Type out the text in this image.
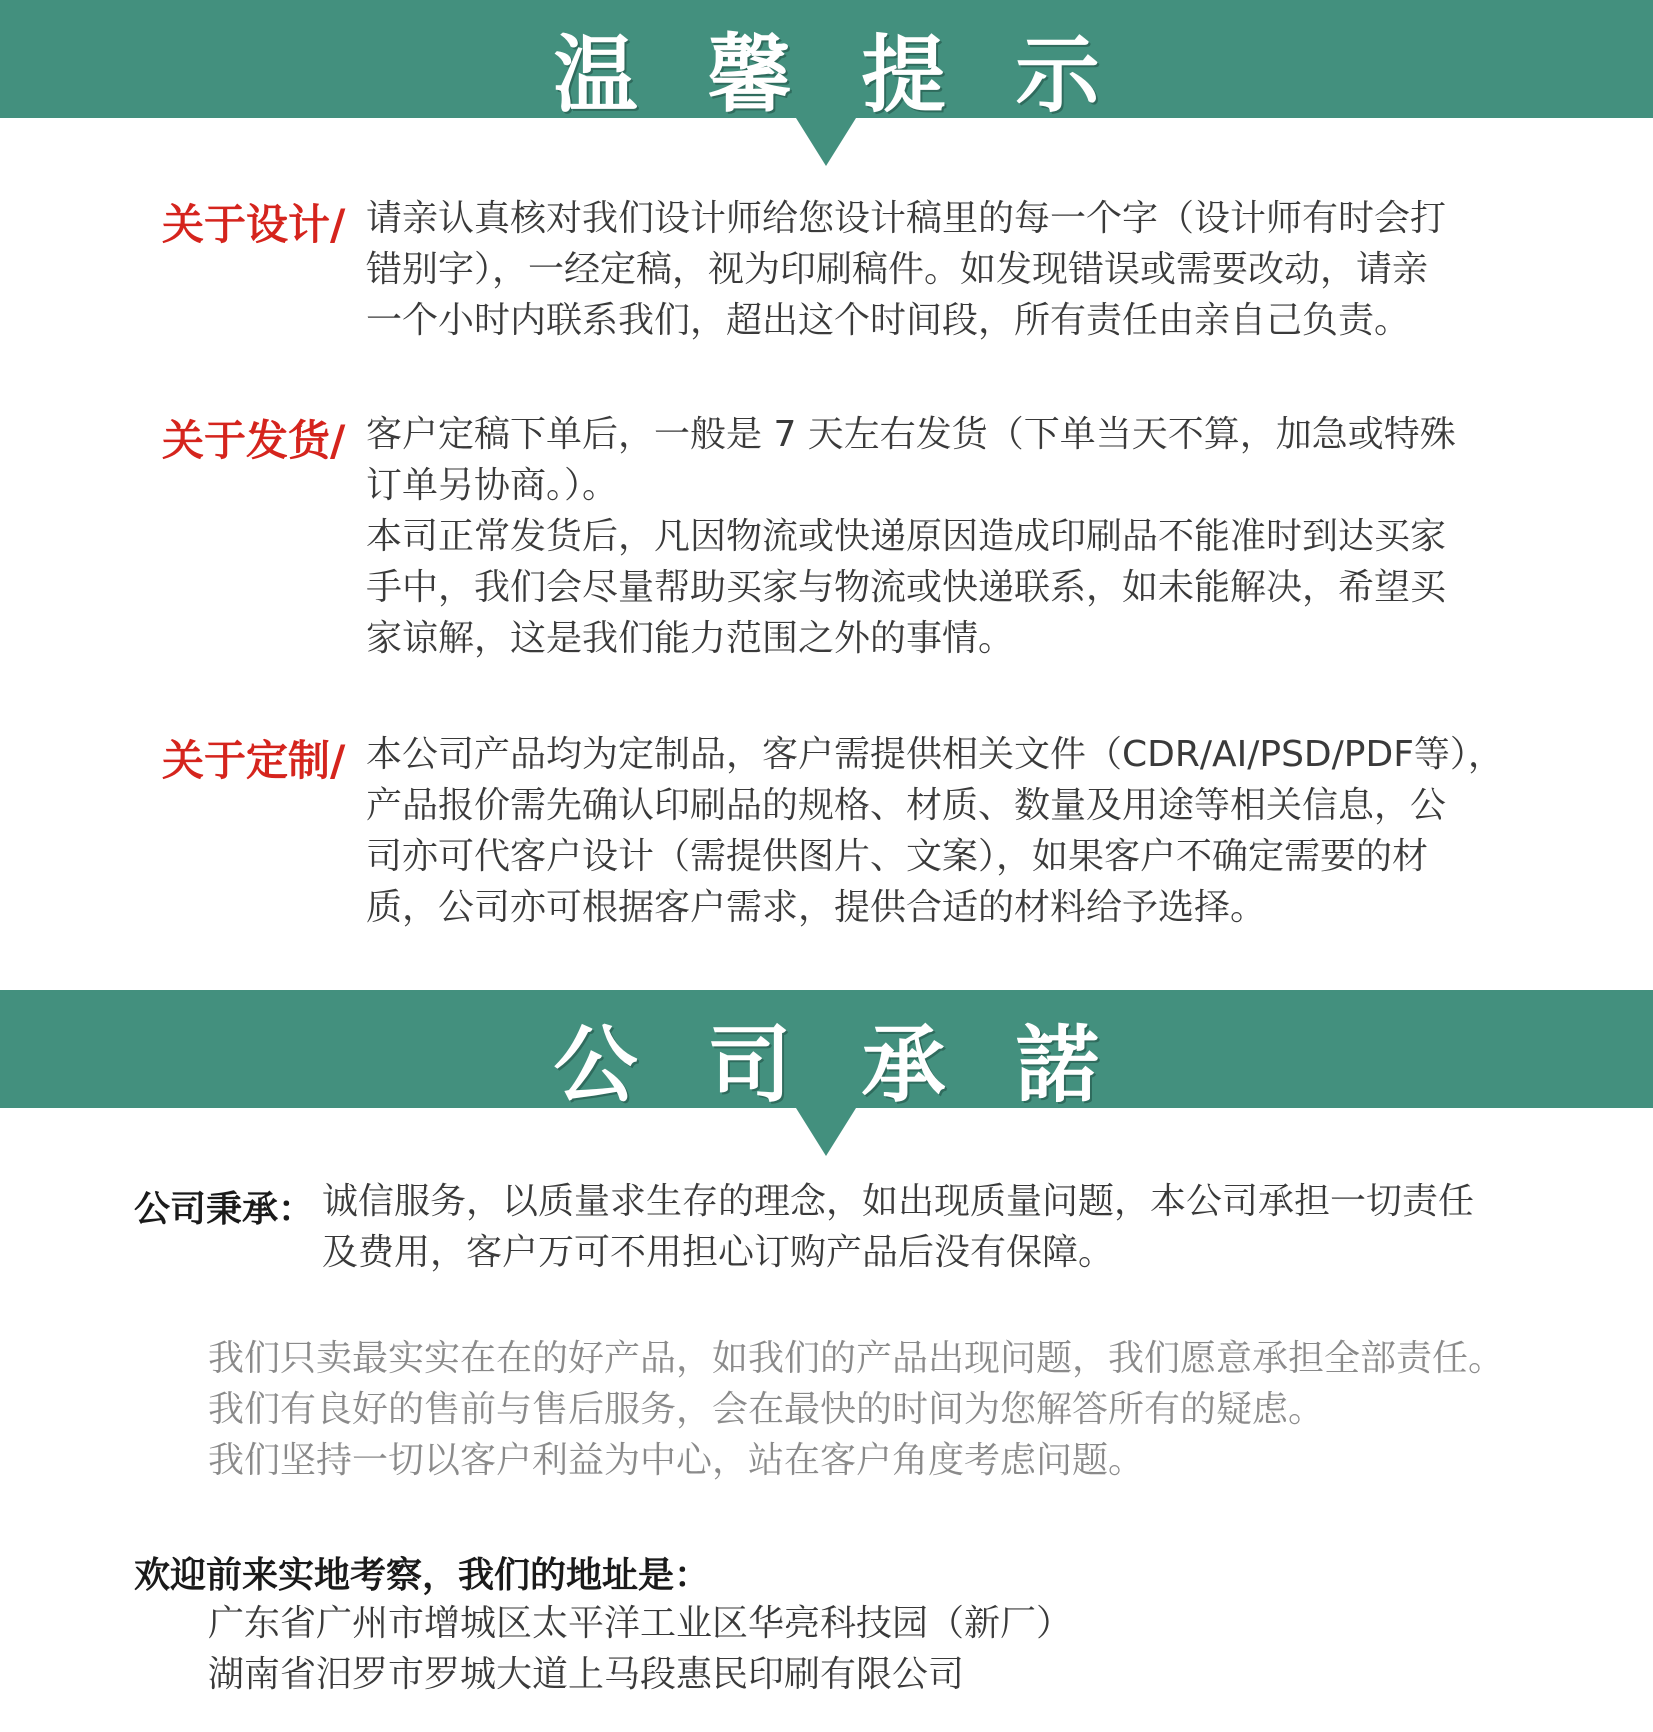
温馨提示
关于设计/ 请亲认真核对我们设计师给您设计稿里的每一个字（设计师有时会打
错别字），一经定稿，视为印刷稿件。如发现错误或需要改动，请亲
一个小时内联系我们，超出这个时间段，所有责任由亲自己负责。
关于发货/ 客户定稿下单后，一般是 7 天左右发货（下单当天不算，加急或特殊
订单另协商。）。
本司正常发货后，凡因物流或快递原因造成印刷品不能准时到达买家
手中，我们会尽量帮助买家与物流或快递联系，如未能解决，希望买
家谅解，这是我们能力范围之外的事情。
关于定制/ 本公司产品均为定制品，客户需提供相关文件（CDR/AI/PSD/PDF等），
产品报价需先确认印刷品的规格、材质、数量及用途等相关信息，公
司亦可代客户设计（需提供图片、文案），如果客户不确定需要的材
质，公司亦可根据客户需求，提供合适的材料给予选择。
公司承諾
公司秉承： 诚信服务，以质量求生存的理念，如出现质量问题，本公司承担一切责任
及费用，客户万可不用担心订购产品后没有保障。
我们只卖最实实在在的好产品，如我们的产品出现问题，我们愿意承担全部责任。
我们有良好的售前与售后服务，会在最快的时间为您解答所有的疑虑。
我们坚持一切以客户利益为中心，站在客户角度考虑问题。
欢迎前来实地考察，我们的地址是：
广东省广州市增城区太平洋工业区华亮科技园（新厂）
湖南省汨罗市罗城大道上马段惠民印刷有限公司
